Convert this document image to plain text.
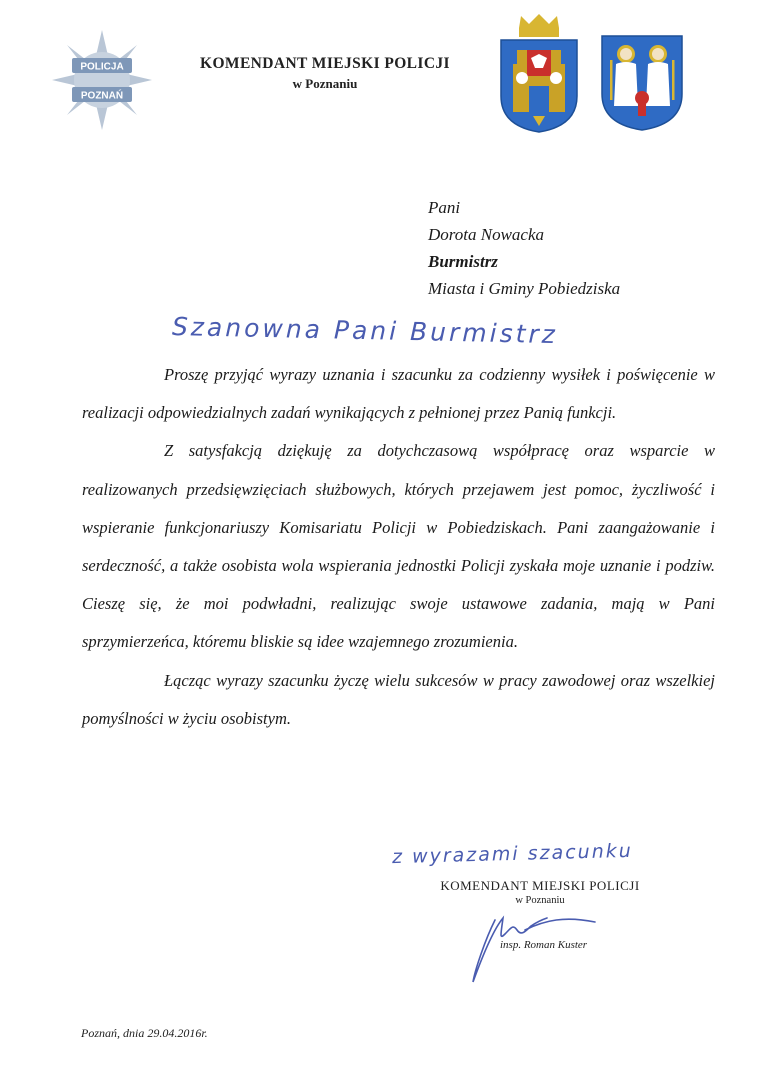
POLICJA
POZNAŃ
KOMENDANT MIEJSKI POLICJI
w Poznaniu
Pani
Dorota Nowacka
Burmistrz
Miasta i Gminy Pobiedziska
Szanowna Pani Burmistrz

Proszę przyjąć wyrazy uznania i szacunku za codzienny wysiłek i poświęcenie w realizacji odpowiedzialnych zadań wynikających z pełnionej przez Panią funkcji.

Z satysfakcją dziękuję za dotychczasową współpracę oraz wsparcie w realizowanych przedsięwzięciach służbowych, których przejawem jest pomoc, życzliwość i wspieranie funkcjonariuszy Komisariatu Policji w Pobiedziskach. Pani zaangażowanie i serdeczność, a także osobista wola wspierania jednostki Policji zyskała moje uznanie i podziw. Cieszę się, że moi podwładni, realizując swoje ustawowe zadania, mają w Pani sprzymierzeńca, któremu bliskie są idee wzajemnego zrozumienia.

Łącząc wyrazy szacunku życzę wielu sukcesów w pracy zawodowej oraz wszelkiej pomyślności w życiu osobistym.

z wyrazami szacunku
KOMENDANT MIEJSKI POLICJI
w Poznaniu
insp. Roman Kuster
Poznań, dnia 29.04.2016r.
